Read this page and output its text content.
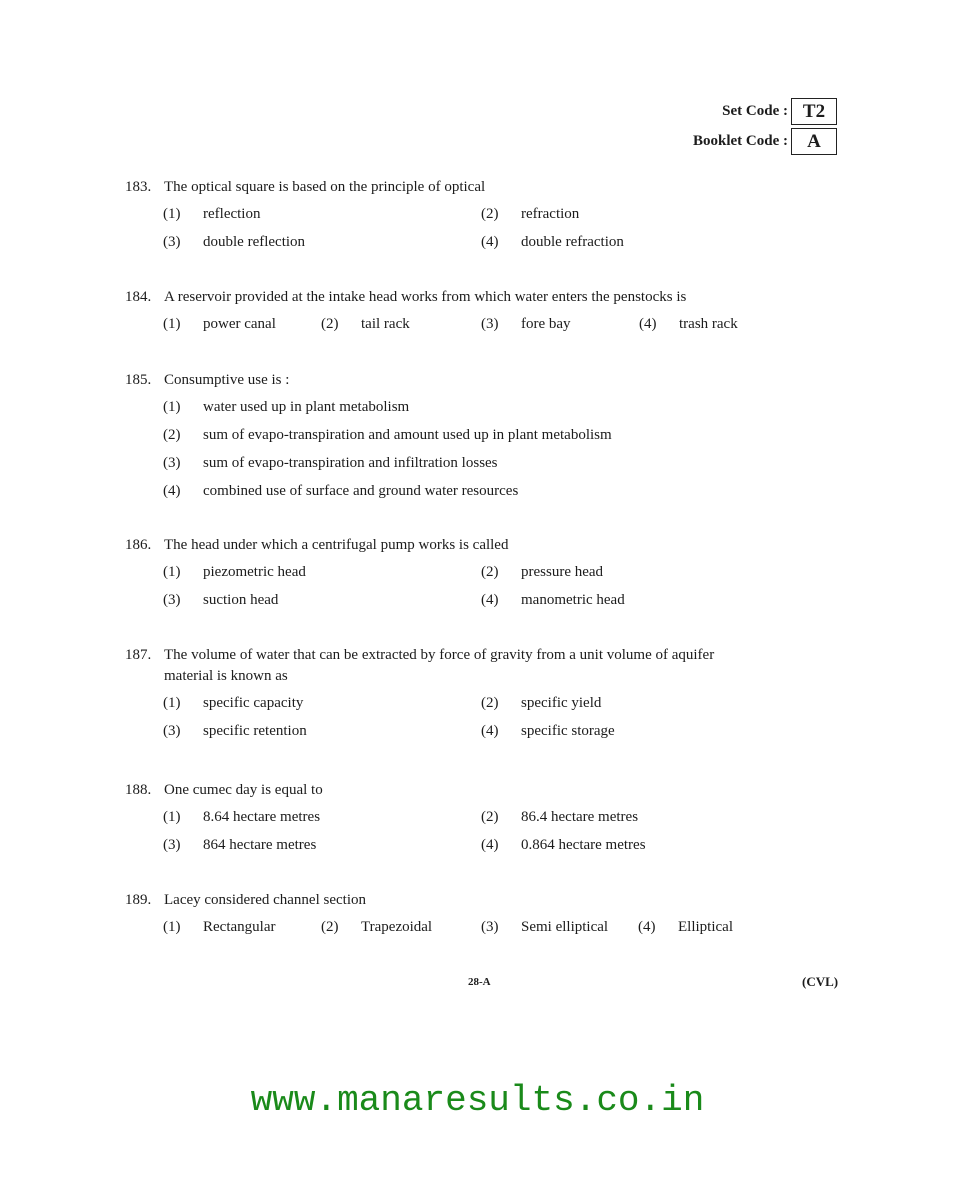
Set Code : T2
Booklet Code :	A
183. The optical square is based on the principle of optical
(1) reflection	(2) refraction
(3) double reflection	(4) double refraction
184. A reservoir provided at the intake head works from which water enters the penstocks is
(1) power canal	(2) tail rack	(3) fore bay	(4) trash rack
185. Consumptive use is :
(1) water used up in plant metabolism
(2) sum of evapo-transpiration and amount used up in plant metabolism
(3) sum of evapo-transpiration and infiltration losses
(4) combined use of surface and ground water resources
186. The head under which a centrifugal pump works is called
(1) piezometric head	(2) pressure head
(3) suction head	(4) manometric head
187. The volume of water that can be extracted by force of gravity from a unit volume of aquifer
material is known as
(1) specific capacity	(2) specific yield
(3) specific retention	(4) specific storage
188. One cumec day is equal to
(1) 8.64 hectare metres	(2) 86.4 hectare metres
(3) 864 hectare metres	(4) 0.864 hectare metres
189. Lacey considered channel section
(1) Rectangular	(2) Trapezoidal	(3) Semi elliptical (4) Elliptical
28-A	(CVL)
www.manaresults.co.in
